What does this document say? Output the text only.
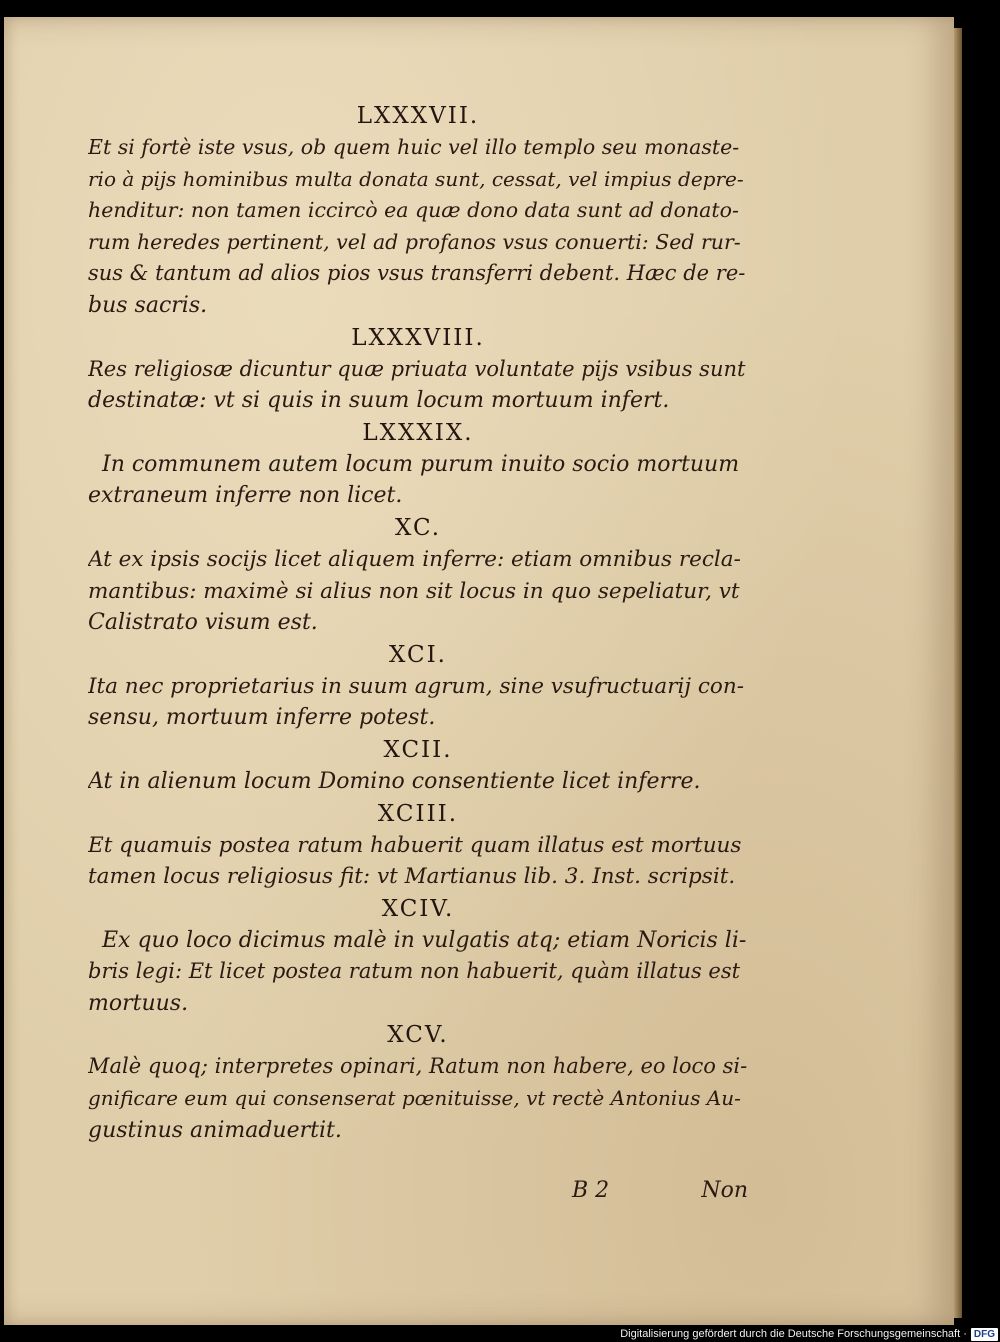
LXXXVII.
Et si fortè iste vsus, ob quem huic vel illo templo seu monaste-
rio à pijs hominibus multa donata sunt, cessat, vel impius depre-
henditur: non tamen iccircò ea quæ dono data sunt ad donato-
rum heredes pertinent, vel ad profanos vsus conuerti: Sed rur-
sus & tantum ad alios pios vsus transferri debent. Hæc de re-
bus sacris.
LXXXVIII.
Res religiosæ dicuntur quæ priuata voluntate pijs vsibus sunt
destinatæ: vt si quis in suum locum mortuum infert.
LXXXIX.
In communem autem locum purum inuito socio mortuum
extraneum inferre non licet.
XC.
At ex ipsis socijs licet aliquem inferre: etiam omnibus recla-
mantibus: maximè si alius non sit locus in quo sepeliatur, vt
Calistrato visum est.
XCI.
Ita nec proprietarius in suum agrum, sine vsufructuarij con-
sensu, mortuum inferre potest.
XCII.
At in alienum locum Domino consentiente licet inferre.
XCIII.
Et quamuis postea ratum habuerit quam illatus est mortuus
tamen locus religiosus fit: vt Martianus lib. 3. Inst. scripsit.
XCIV.
Ex quo loco dicimus malè in vulgatis atq; etiam Noricis li-
bris legi: Et licet postea ratum non habuerit, quàm illatus est
mortuus.
XCV.
Malè quoq; interpretes opinari, Ratum non habere, eo loco si-
gnificare eum qui consenserat pœnituisse, vt rectè Antonius Au-
gustinus animaduertit.
B 2	Non
Digitalisierung gefördert durch die Deutsche Forschungsgemeinschaft · DFG
